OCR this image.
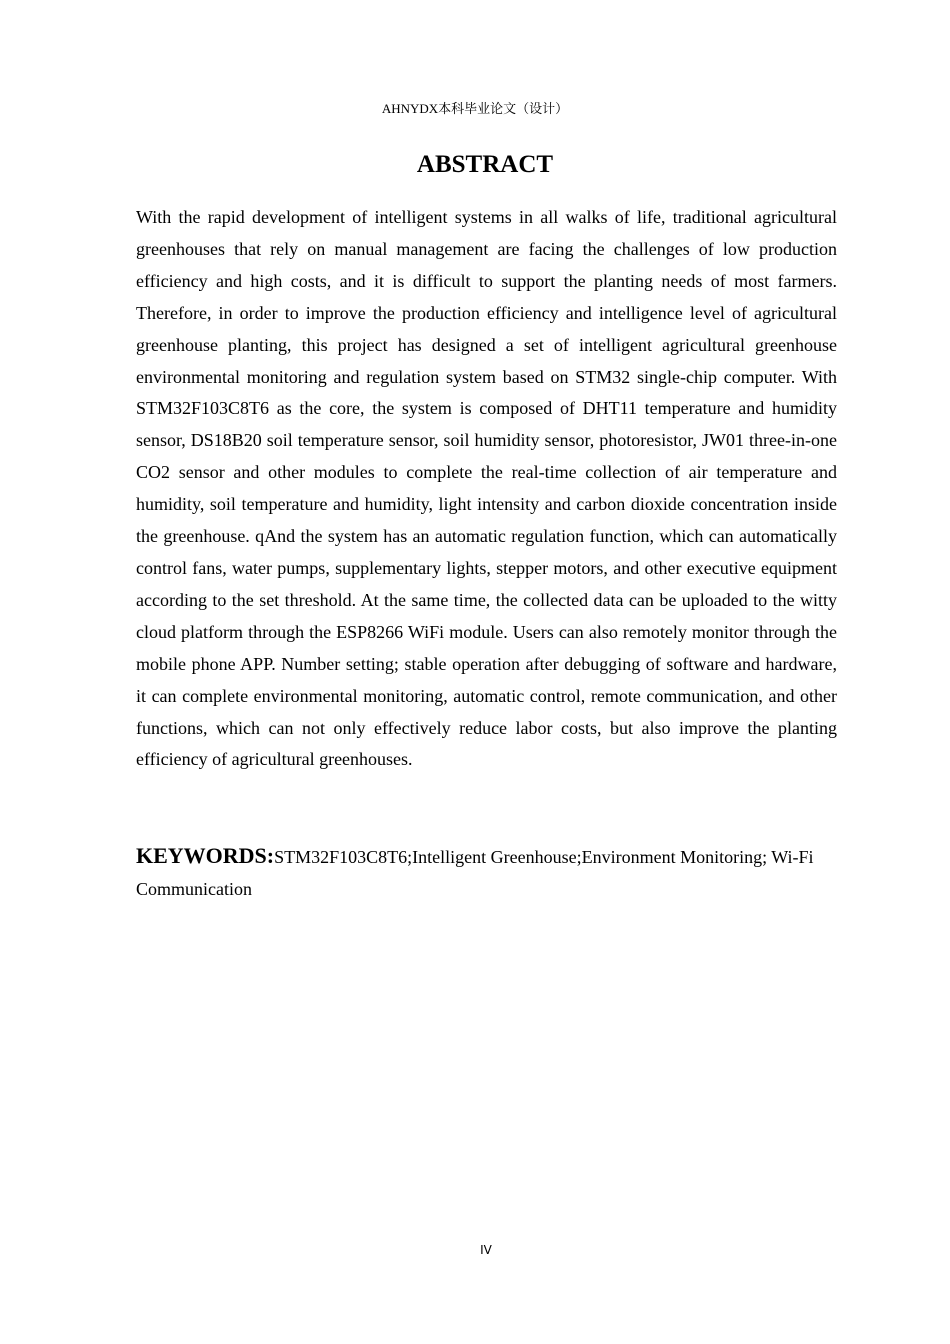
AHNYDX本科毕业论文（设计）
ABSTRACT

With the rapid development of intelligent systems in all walks of life, traditional agricultural greenhouses that rely on manual management are facing the challenges of low production efficiency and high costs, and it is difficult to support the planting needs of most farmers. Therefore, in order to improve the production efficiency and intelligence level of agricultural greenhouse planting, this project has designed a set of intelligent agricultural greenhouse environmental monitoring and regulation system based on STM32 single-chip computer. With STM32F103C8T6 as the core, the system is composed of DHT11 temperature and humidity sensor, DS18B20 soil temperature sensor, soil humidity sensor, photoresistor, JW01 three-in-one CO2 sensor and other modules to complete the real-time collection of air temperature and humidity, soil temperature and humidity, light intensity and carbon dioxide concentration inside the greenhouse. qAnd the system has an automatic regulation function, which can automatically control fans, water pumps, supplementary lights, stepper motors, and other executive equipment according to the set threshold. At the same time, the collected data can be uploaded to the witty cloud platform through the ESP8266 WiFi module. Users can also remotely monitor through the mobile phone APP. Number setting; stable operation after debugging of software and hardware, it can complete environmental monitoring, automatic control, remote communication, and other functions, which can not only effectively reduce labor costs, but also improve the planting efficiency of agricultural greenhouses.

KEYWORDS:STM32F103C8T6;Intelligent Greenhouse;Environment Monitoring; Wi-Fi Communication

IV
